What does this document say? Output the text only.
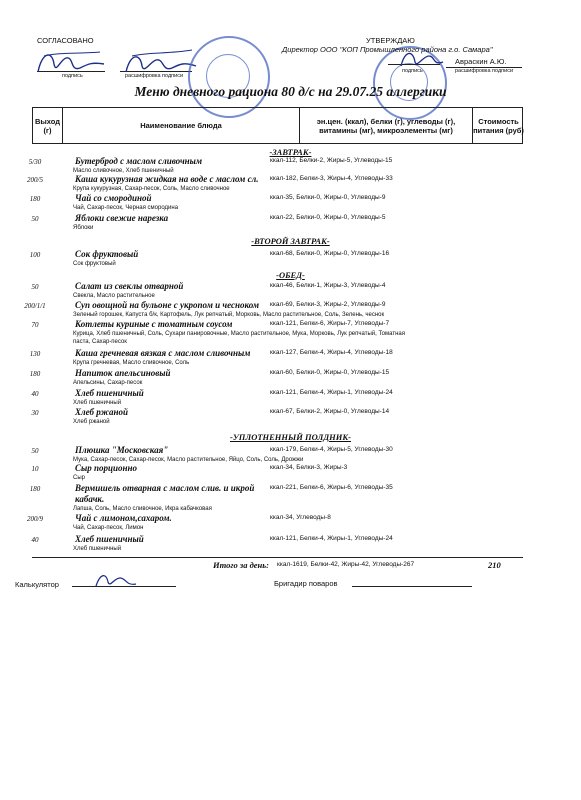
СОГЛАСОВАНО
подпись	расшифровка подписи
УТВЕРЖДАЮ
Директор ООО "КОП Промышленного района г.о. Самара"
Авраскин А.Ю.
подпись	расшифровка подписи
Меню дневного рациона 80 д/с на 29.07.25 аллергики
Выход (г)	Наименование блюда	эн.цен. (ккал), белки (г), углеводы (г), витамины (мг), микроэлементы (мг)
Стоимость питания (руб)
-ЗАВТРАК-
5/30	Бутерброд с маслом сливочным
Масло сливочное, Хлеб пшеничный
ккал-112, Белки-2, Жиры-5, Углеводы-15
200/5	Каша кукурузная жидкая на воде с маслом сл.
Крупа кукурузная, Сахар-песок, Соль, Масло сливочное
ккал-182, Белки-3, Жиры-4, Углеводы-33
180	Чай со смородиной
Чай, Сахар-песок, Черная смородина
ккал-35, Белки-0, Жиры-0, Углеводы-9
50	Яблоки свежие нарезка
Яблоки
ккал-22, Белки-0, Жиры-0, Углеводы-5
-ВТОРОЙ ЗАВТРАК-
100	Сок фруктовый
Сок фруктовый
ккал-68, Белки-0, Жиры-0, Углеводы-16
-ОБЕД-
50	Салат из свеклы отварной
Свекла, Масло растительное
ккал-46, Белки-1, Жиры-3, Углеводы-4
200/1/1	Суп овощной на бульоне с укропом и чесноком
Зеленый горошек, Капуста б/к, Картофель, Лук репчатый, Морковь, Масло растительное, Соль, Зелень, чеснок
ккал-69, Белки-3, Жиры-2, Углеводы-9
70	Котлеты куриные с томатным соусом
Курица, Хлеб пшеничный, Соль, Сухари панировочные, Масло растительное, Мука, Морковь, Лук репчатый, Томатная
паста, Сахар-песок
ккал-121, Белки-6, Жиры-7, Углеводы-7
130	Каша гречневая вязкая с маслом сливочным
Крупа гречневая, Масло сливочное, Соль
ккал-127, Белки-4, Жиры-4, Углеводы-18
180	Напиток апельсиновый
Апельсины, Сахар-песок
ккал-60, Белки-0, Жиры-0, Углеводы-15
40	Хлеб пшеничный
Хлеб пшеничный
ккал-121, Белки-4, Жиры-1, Углеводы-24
30	Хлеб ржаной
Хлеб ржаной
ккал-67, Белки-2, Жиры-0, Углеводы-14
-УПЛОТНЕННЫЙ ПОЛДНИК-
50	Плюшка "Московская"
Мука, Сахар-песок, Сахар-песок, Масло растительное, Яйцо, Соль, Соль, Дрожжи
ккал-179, Белки-4, Жиры-5, Углеводы-30
10	Сыр порционно
Сыр
ккал-34, Белки-3, Жиры-3
180	Вермишель отварная с маслом слив. и икрой
кабачк.
Лапша, Соль, Масло сливочное, Икра кабачковая
ккал-221, Белки-6, Жиры-6, Углеводы-35
200/9	Чай с лимоном,сахаром.
Чай, Сахар-песок, Лимон
ккал-34, Углеводы-8
40	Хлеб пшеничный
Хлеб пшеничный
ккал-121, Белки-4, Жиры-1, Углеводы-24
Итого за день: ккал-1619, Белки-42, Жиры-42, Углеводы-267	210
Калькулятор	Бригадир поваров
